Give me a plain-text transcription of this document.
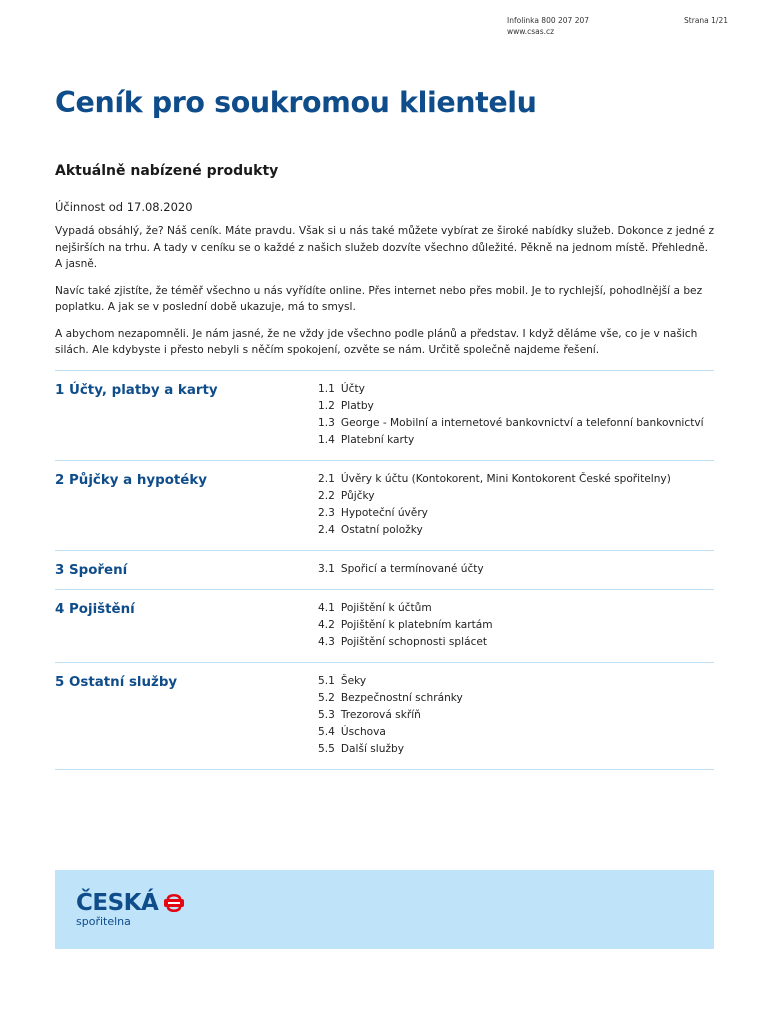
Infolinka 800 207 207
www.csas.cz
Strana 1/21
Ceník pro soukromou klientelu
Aktuálně nabízené produkty
Účinnost od 17.08.2020

Vypadá obsáhlý, že? Náš ceník. Máte pravdu. Však si u nás také můžete vybírat ze široké nabídky služeb. Dokonce z jedné z nejširších na trhu. A tady v ceníku se o každé z našich služeb dozvíte všechno důležité. Pěkně na jednom místě. Přehledně. A jasně.

Navíc také zjistíte, že téměř všechno u nás vyřídíte online. Přes internet nebo přes mobil. Je to rychlejší, pohodlnější a bez poplatku. A jak se v poslední době ukazuje, má to smysl.

A abychom nezapomněli. Je nám jasné, že ne vždy jde všechno podle plánů a představ. I když děláme vše, co je v našich silách. Ale kdybyste i přesto nebyli s něčím spokojení, ozvěte se nám. Určitě společně najdeme řešení.

1 Účty, platby a karty	1.1 Účty
1.2 Platby
1.3 George - Mobilní a internetové bankovnictví a telefonní bankovnictví
1.4 Platební karty
2 Půjčky a hypotéky	2.1 Úvěry k účtu (Kontokorent, Mini Kontokorent České spořitelny)
2.2 Půjčky
2.3 Hypoteční úvěry
2.4 Ostatní položky
3 Spoření	3.1 Spořicí a termínované účty
4 Pojištění	4.1 Pojištění k účtům
4.2 Pojištění k platebním kartám
4.3 Pojištění schopnosti splácet
5 Ostatní služby	5.1 Šeky
5.2 Bezpečnostní schránky
5.3 Trezorová skříň
5.4 Úschova
5.5 Další služby
ČESKÁ
spořitelna
